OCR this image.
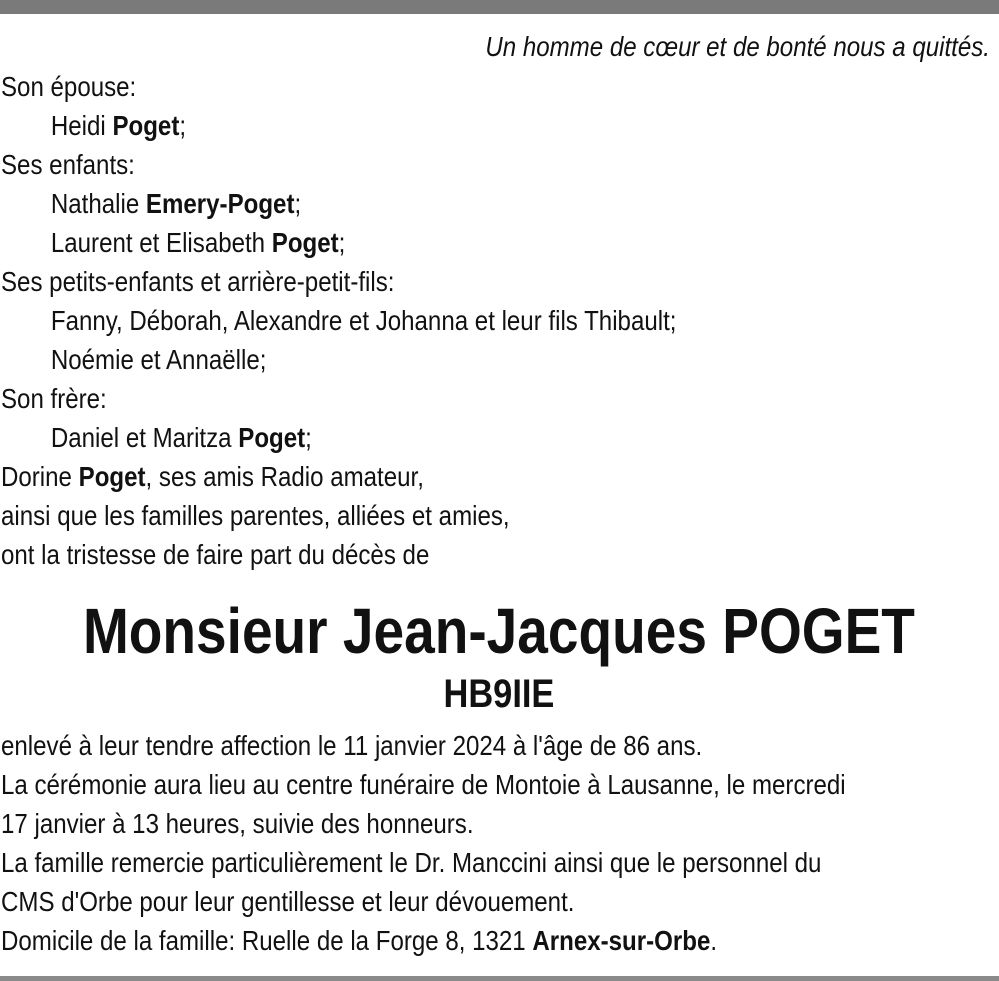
Un homme de cœur et de bonté nous a quittés.
Son épouse:
Heidi Poget;
Ses enfants:
Nathalie Emery-Poget;
Laurent et Elisabeth Poget;
Ses petits-enfants et arrière-petit-fils:
Fanny, Déborah, Alexandre et Johanna et leur fils Thibault;
Noémie et Annaëlle;
Son frère:
Daniel et Maritza Poget;
Dorine Poget, ses amis Radio amateur,
ainsi que les familles parentes, alliées et amies,
ont la tristesse de faire part du décès de
Monsieur Jean-Jacques POGET
HB9IIE
enlevé à leur tendre affection le 11 janvier 2024 à l'âge de 86 ans.
La cérémonie aura lieu au centre funéraire de Montoie à Lausanne, le mercredi
17 janvier à 13 heures, suivie des honneurs.
La famille remercie particulièrement le Dr. Manccini ainsi que le personnel du
CMS d'Orbe pour leur gentillesse et leur dévouement.
Domicile de la famille: Ruelle de la Forge 8, 1321 Arnex-sur-Orbe.
